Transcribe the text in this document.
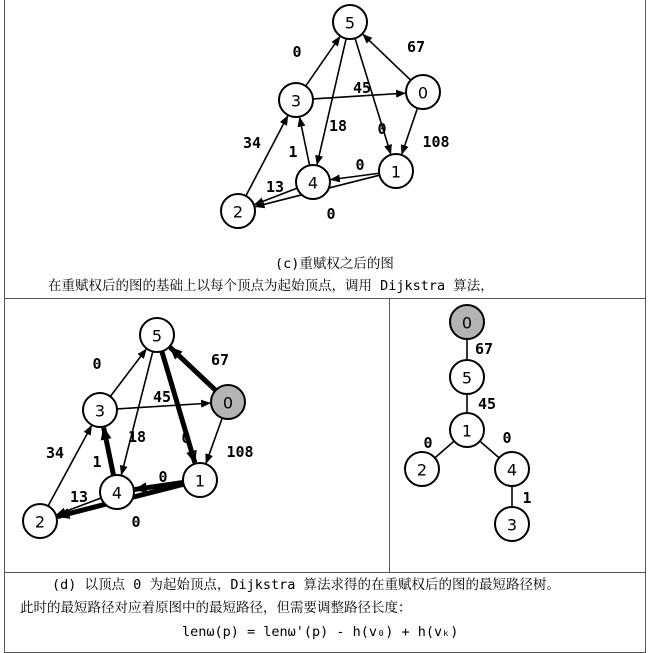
0	67
45
18 0
108
34 1
0
13
0
0	67
45
18 0
108
34 1
0
13
0
67
45
0	0
1
5
3	0
4
1
2
5
3	0
4
1
2
0
5
1
2	4
3
(c)重赋权之后的图
在重赋权后的图的基础上以每个顶点为起始顶点，调用 Dijkstra 算法，
(d) 以顶点 0 为起始顶点，Dijkstra 算法求得的在重赋权后的图的最短路径树。
此时的最短路径对应着原图中的最短路径，但需要调整路径长度：
lenω(p) = lenω'(p) - h(v₀) + h(vₖ)
